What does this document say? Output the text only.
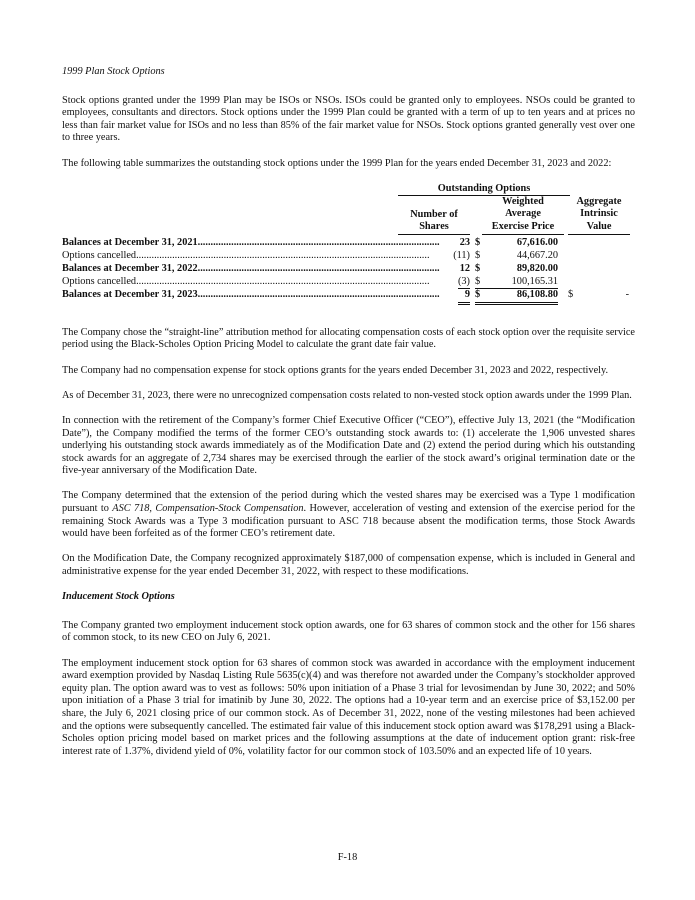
1999 Plan Stock Options

Stock options granted under the 1999 Plan may be ISOs or NSOs. ISOs could be granted only to employees. NSOs could be granted to employees, consultants and directors. Stock options under the 1999 Plan could be granted with a term of up to ten years and at prices no less than fair market value for ISOs and no less than 85% of the fair market value for NSOs. Stock options granted generally vest over one to three years.

The following table summarizes the outstanding stock options under the 1999 Plan for the years ended December 31, 2023 and 2022:

Outstanding Options
Number of
Shares
Weighted
Average
Exercise Price
Aggregate
Intrinsic
Value
Balances at December 31, 2021..............................................................................................	23 $	67,616.00
Options cancelled..................................................................................................................	(11) $	44,667.20
Balances at December 31, 2022..............................................................................................	12 $	89,820.00
Options cancelled..................................................................................................................	(3) $	100,165.31
Balances at December 31, 2023..............................................................................................	9 $	86,108.80 $	-

The Company chose the “straight-line” attribution method for allocating compensation costs of each stock option over the requisite service period using the Black-Scholes Option Pricing Model to calculate the grant date fair value.

The Company had no compensation expense for stock options grants for the years ended December 31, 2023 and 2022, respectively.

As of December 31, 2023, there were no unrecognized compensation costs related to non-vested stock option awards under the 1999 Plan.

In connection with the retirement of the Company’s former Chief Executive Officer (“CEO”), effective July 13, 2021 (the “Modification Date”), the Company modified the terms of the former CEO’s outstanding stock awards to: (1) accelerate the 1,906 unvested shares underlying his outstanding stock awards immediately as of the Modification Date and (2) extend the period during which his outstanding stock awards for an aggregate of 2,734 shares may be exercised through the earlier of the stock award’s original termination date or the five-year anniversary of the Modification Date.

The Company determined that the extension of the period during which the vested shares may be exercised was a Type 1 modification pursuant to ASC 718, Compensation-Stock Compensation. However, acceleration of vesting and extension of the exercise period for the remaining Stock Awards was a Type 3 modification pursuant to ASC 718 because absent the modification terms, those Stock Awards would have been forfeited as of the former CEO’s retirement date.

On the Modification Date, the Company recognized approximately $187,000 of compensation expense, which is included in General and administrative expense for the year ended December 31, 2022, with respect to these modifications.

Inducement Stock Options

The Company granted two employment inducement stock option awards, one for 63 shares of common stock and the other for 156 shares of common stock, to its new CEO on July 6, 2021.

The employment inducement stock option for 63 shares of common stock was awarded in accordance with the employment inducement award exemption provided by Nasdaq Listing Rule 5635(c)(4) and was therefore not awarded under the Company’s stockholder approved equity plan. The option award was to vest as follows: 50% upon initiation of a Phase 3 trial for levosimendan by June 30, 2022; and 50% upon initiation of a Phase 3 trial for imatinib by June 30, 2022. The options had a 10-year term and an exercise price of $3,152.00 per share, the July 6, 2021 closing price of our common stock. As of December 31, 2022, none of the vesting milestones had been achieved and the options were subsequently cancelled. The estimated fair value of this inducement stock option award was $178,291 using a Black-Scholes option pricing model based on market prices and the following assumptions at the date of inducement option grant: risk-free interest rate of 1.37%, dividend yield of 0%, volatility factor for our common stock of 103.50% and an expected life of 10 years.

F-18
